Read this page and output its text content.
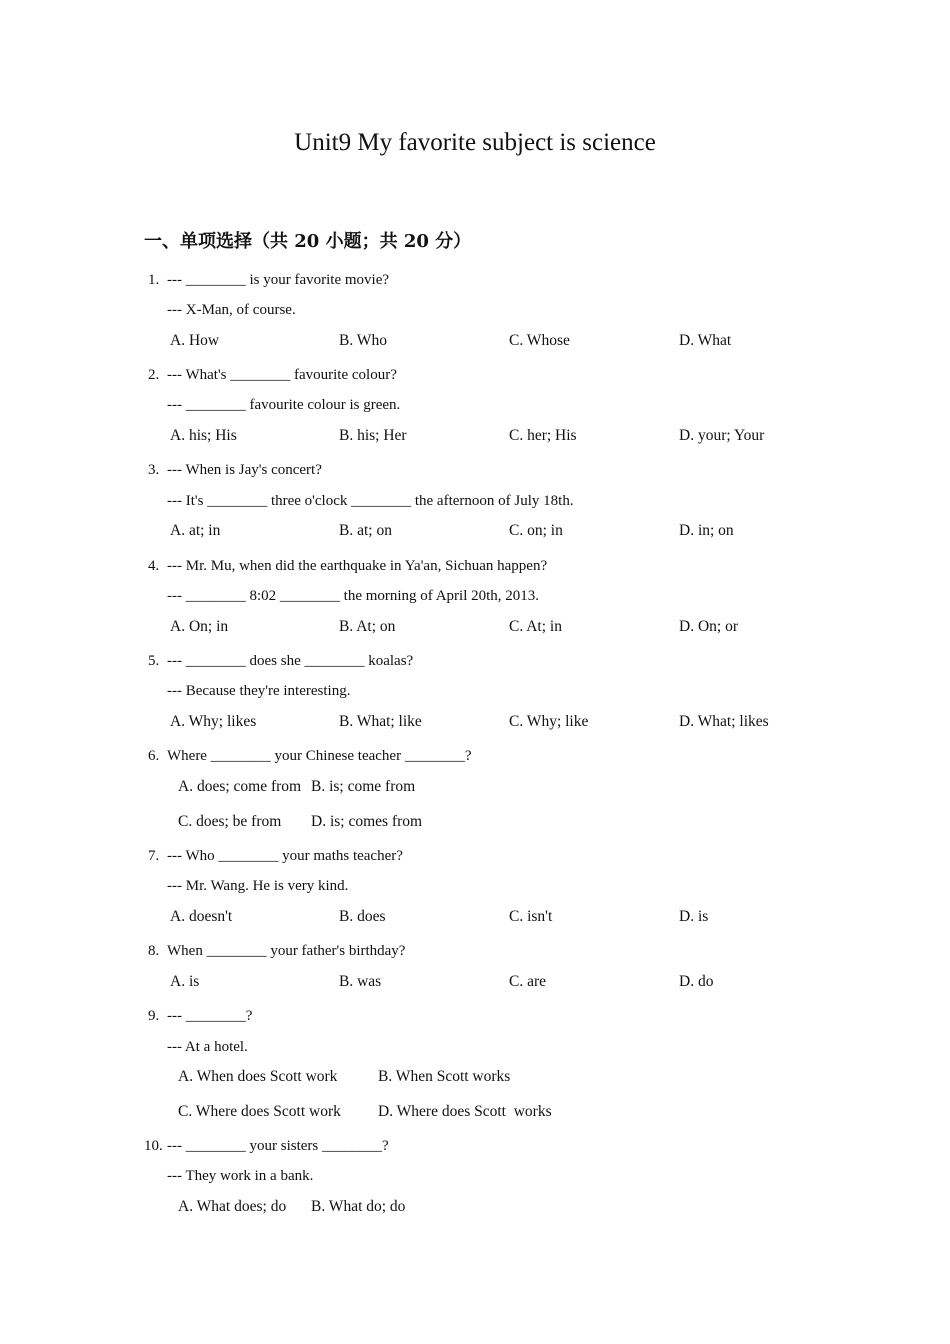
Unit9 My favorite subject is science
一、单项选择（共 20 小题；共 20 分）
1. --- ________ is your favorite movie?
--- X-Man, of course.
A. How	B. Who	C. Whose	D. What
2. --- What's ________ favourite colour?
--- ________ favourite colour is green.
A. his; His	B. his; Her	C. her; His	D. your; Your
3. --- When is Jay's concert?
--- It's ________ three o'clock ________ the afternoon of July 18th.
A. at; in	B. at; on	C. on; in	D. in; on
4. --- Mr. Mu, when did the earthquake in Ya'an, Sichuan happen?
--- ________ 8:02 ________ the morning of April 20th, 2013.
A. On; in	B. At; on	C. At; in	D. On; or
5. --- ________ does she ________ koalas?
--- Because they're interesting.
A. Why; likes	B. What; like	C. Why; like	D. What; likes
6. Where ________ your Chinese teacher ________?
A. does; come from B. is; come from
C. does; be from D. is; comes from
7. --- Who ________ your maths teacher?
--- Mr. Wang. He is very kind.
A. doesn't	B. does	C. isn't	D. is
8. When ________ your father's birthday?
A. is	B. was	C. are	D. do
9. --- ________?
--- At a hotel.
A. When does Scott work	B. When Scott works
C. Where does Scott work D. Where does Scott  works
10. --- ________ your sisters ________?
--- They work in a bank.
A. What does; do B. What do; do
